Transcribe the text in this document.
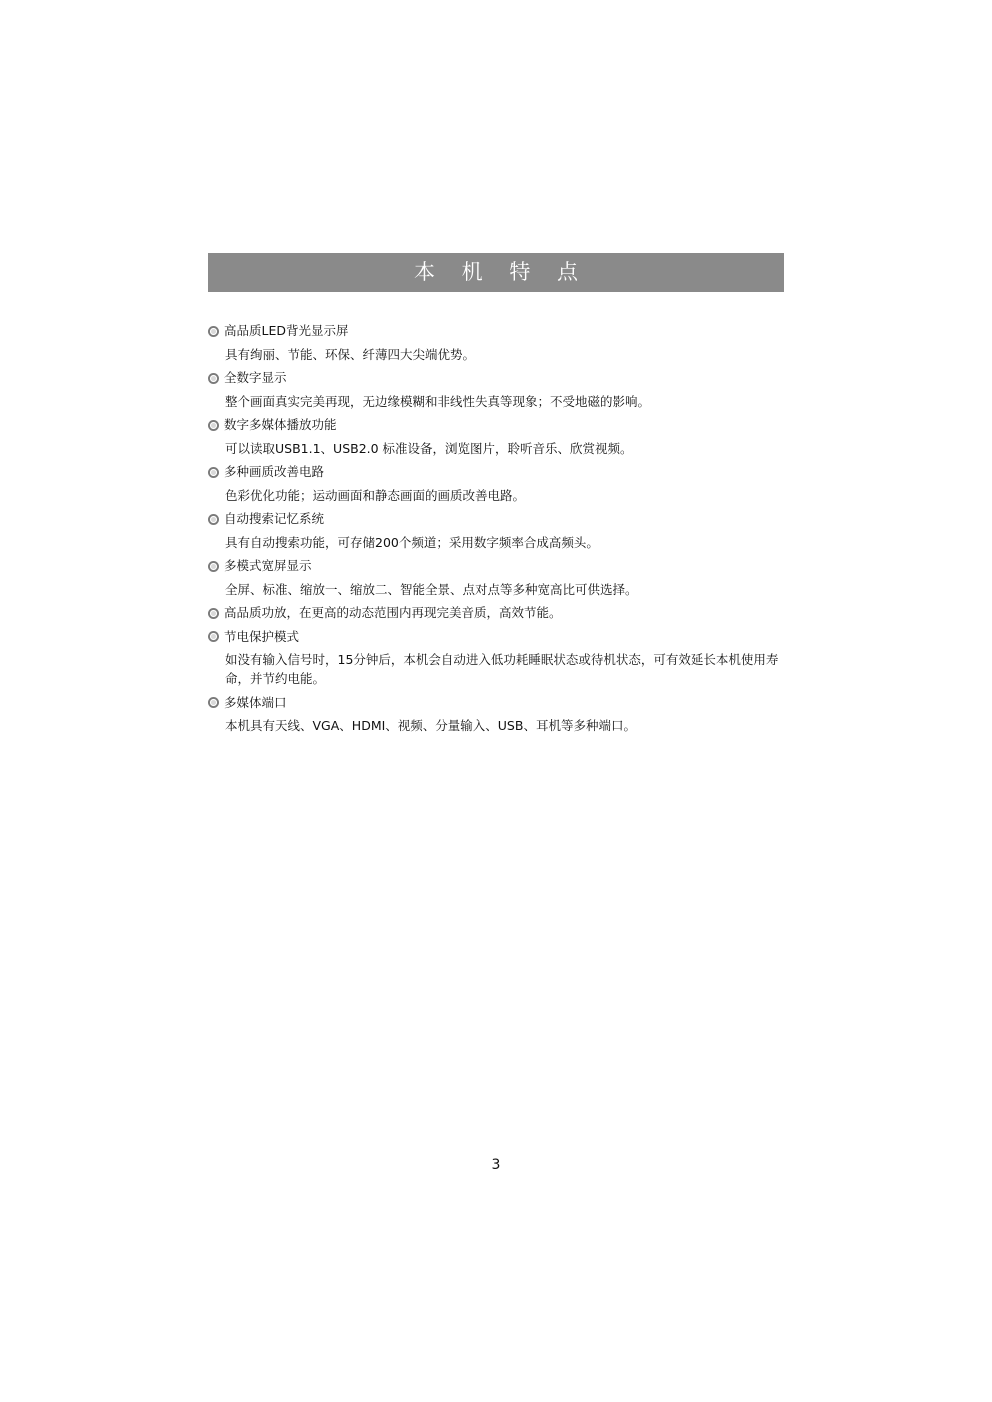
本 机 特 点
高品质LED背光显示屏

具有绚丽、节能、环保、纤薄四大尖端优势。

全数字显示

整个画面真实完美再现，无边缘模糊和非线性失真等现象；不受地磁的影响。

数字多媒体播放功能

可以读取USB1.1、USB2.0 标准设备，浏览图片，聆听音乐、欣赏视频。

多种画质改善电路

色彩优化功能；运动画面和静态画面的画质改善电路。

自动搜索记忆系统

具有自动搜索功能，可存储200个频道；采用数字频率合成高频头。

多模式宽屏显示

全屏、标准、缩放一、缩放二、智能全景、点对点等多种宽高比可供选择。

高品质功放，在更高的动态范围内再现完美音质，高效节能。
节电保护模式

如没有输入信号时，15分钟后，本机会自动进入低功耗睡眠状态或待机状态，可有效延长本机使用寿命，并节约电能。

多媒体端口

本机具有天线、VGA、HDMI、视频、分量输入、USB、耳机等多种端口。

3
